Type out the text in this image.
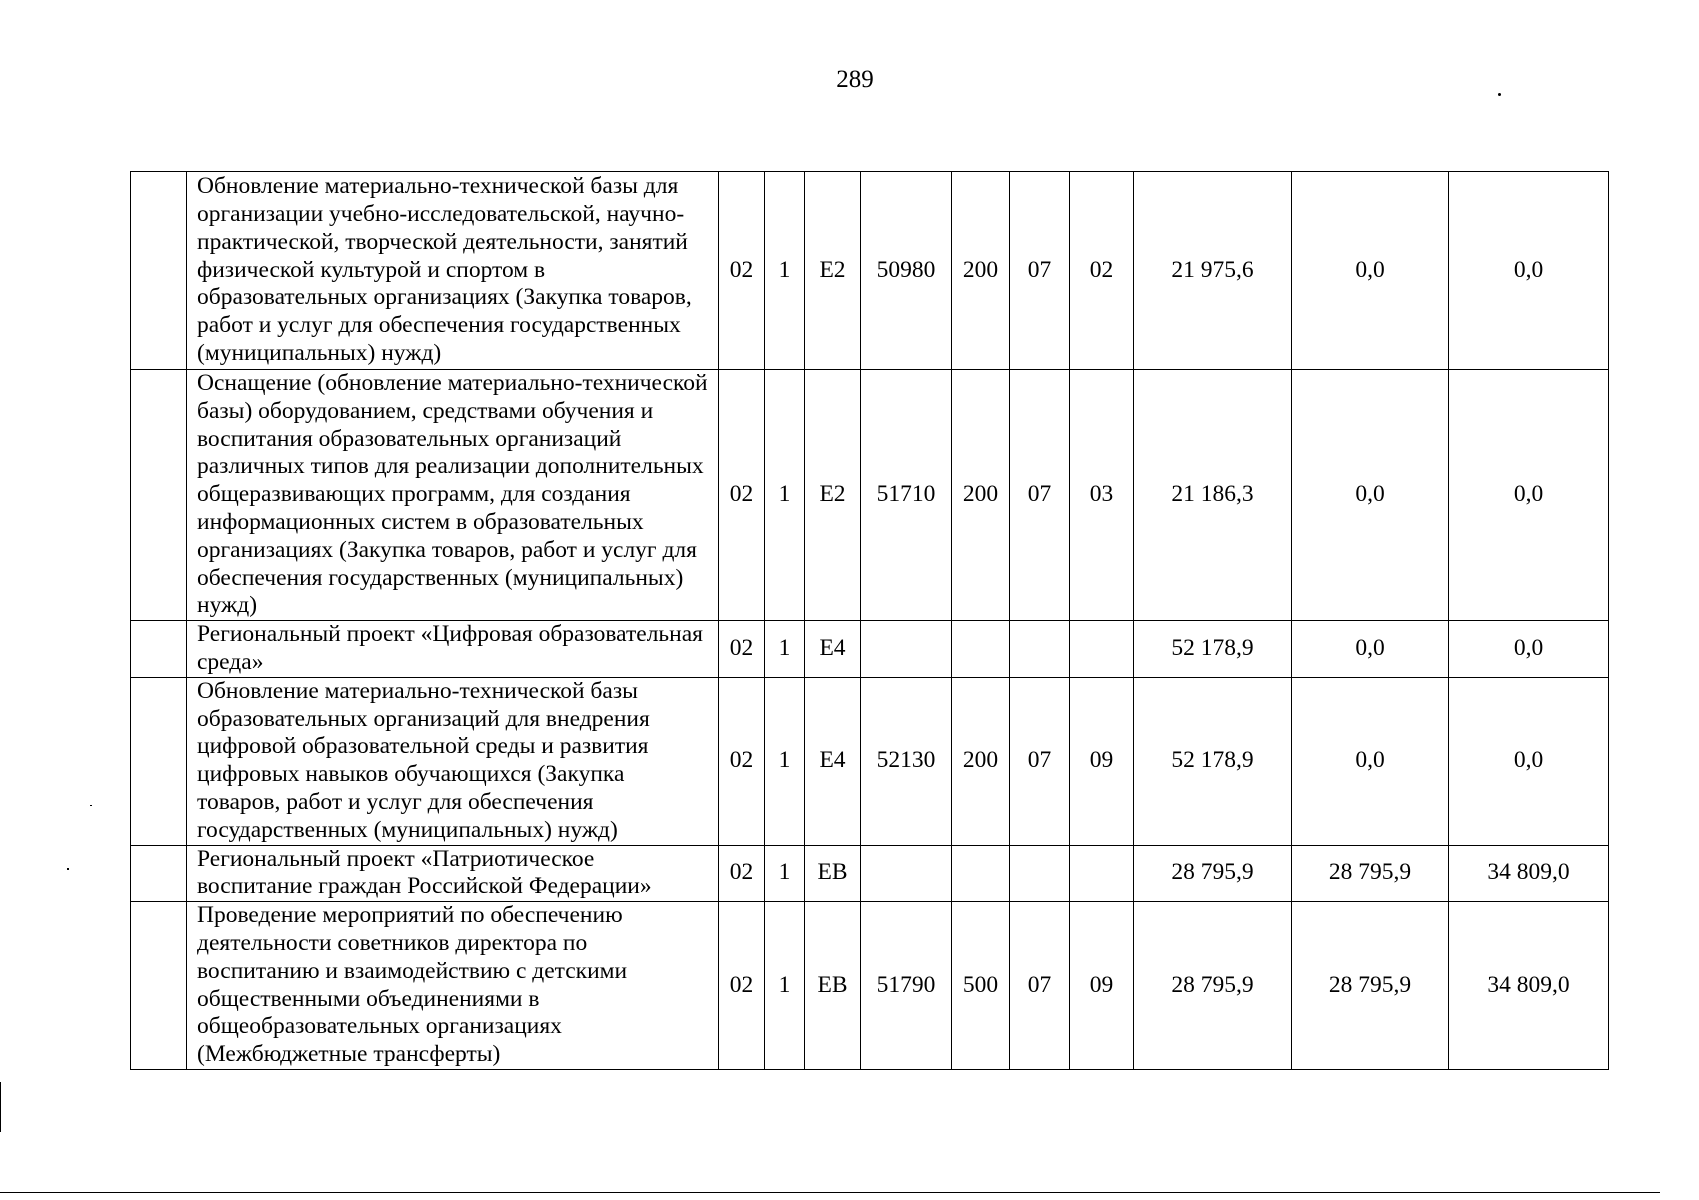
289
	Обновление материально-технической базы для организации учебно-исследовательской, научно-практической, творческой деятельности, занятий физической культурой и спортом в образовательных организациях (Закупка товаров, работ и услуг для обеспечения государственных (муниципальных) нужд)	02	1	E2	50980	200	07	02	21 975,6	0,0	0,0
	Оснащение (обновление материально-технической базы) оборудованием, средствами обучения и воспитания образовательных организаций различных типов для реализации дополнительных общеразвивающих программ, для создания информационных систем в образовательных организациях (Закупка товаров, работ и услуг для обеспечения государственных (муниципальных) нужд)	02	1	E2	51710	200	07	03	21 186,3	0,0	0,0
	Региональный проект «Цифровая образовательная среда»	02	1	E4					52 178,9	0,0	0,0
	Обновление материально-технической базы образовательных организаций для внедрения цифровой образовательной среды и развития цифровых навыков обучающихся (Закупка товаров, работ и услуг для обеспечения государственных (муниципальных) нужд)	02	1	E4	52130	200	07	09	52 178,9	0,0	0,0
	Региональный проект «Патриотическое воспитание граждан Российской Федерации»	02	1	EB					28 795,9	28 795,9	34 809,0
	Проведение мероприятий по обеспечению деятельности советников директора по воспитанию и взаимодействию с детскими общественными объединениями в общеобразовательных организациях (Межбюджетные трансферты)	02	1	EB	51790	500	07	09	28 795,9	28 795,9	34 809,0
